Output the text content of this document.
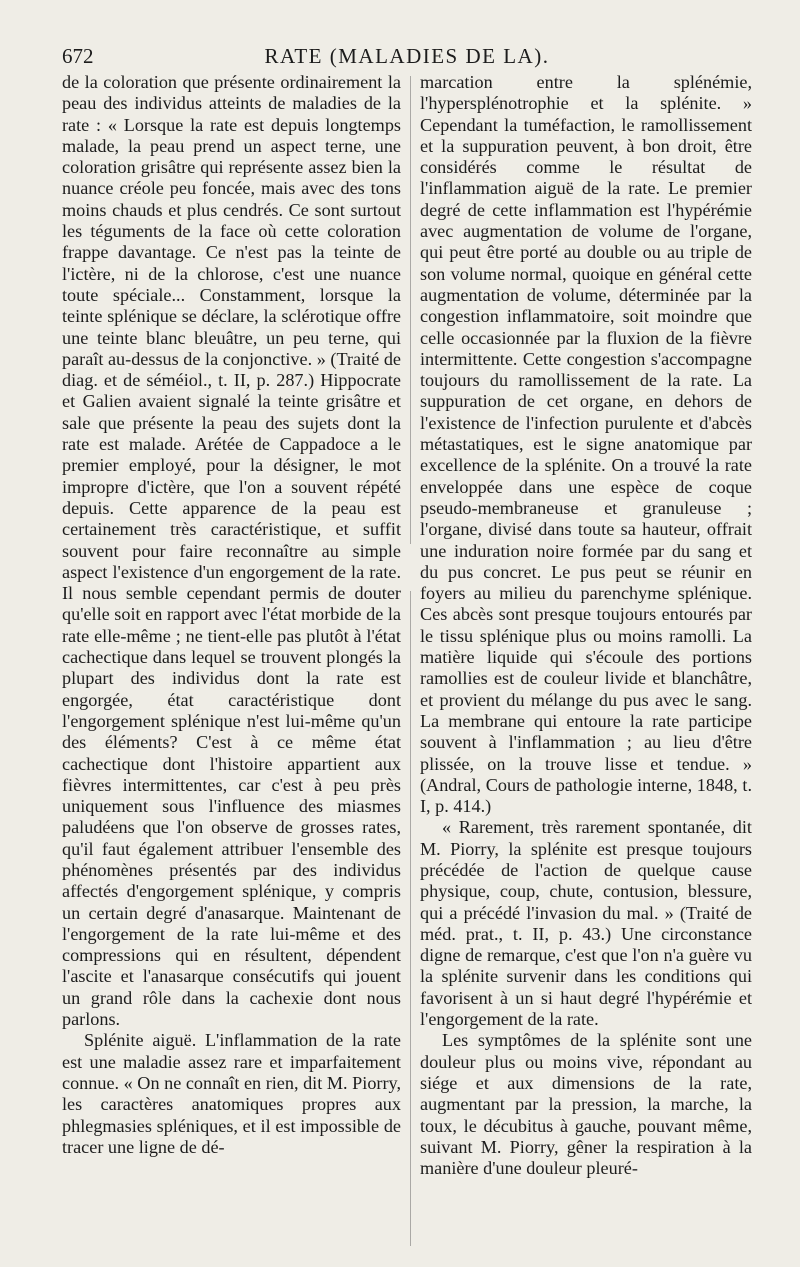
672	RATE (MALADIES DE LA).

de la coloration que présente ordinairement la peau des individus atteints de maladies de la rate : « Lorsque la rate est depuis longtemps malade, la peau prend un aspect terne, une coloration grisâtre qui représente assez bien la nuance créole peu foncée, mais avec des tons moins chauds et plus cendrés. Ce sont surtout les téguments de la face où cette coloration frappe davantage. Ce n'est pas la teinte de l'ictère, ni de la chlorose, c'est une nuance toute spéciale... Constamment, lorsque la teinte splénique se déclare, la sclérotique offre une teinte blanc bleuâtre, un peu terne, qui paraît au-dessus de la conjonctive. » (Traité de diag. et de séméiol., t. II, p. 287.) Hippocrate et Galien avaient signalé la teinte grisâtre et sale que présente la peau des sujets dont la rate est malade. Arétée de Cappadoce a le premier employé, pour la désigner, le mot impropre d'ictère, que l'on a souvent répété depuis. Cette apparence de la peau est certainement très caractéristique, et suffit souvent pour faire reconnaître au simple aspect l'existence d'un engorgement de la rate. Il nous semble cependant permis de douter qu'elle soit en rapport avec l'état morbide de la rate elle-même ; ne tient-elle pas plutôt à l'état cachectique dans lequel se trouvent plongés la plupart des individus dont la rate est engorgée, état caractéristique dont l'engorgement splénique n'est lui-même qu'un des éléments? C'est à ce même état cachectique dont l'histoire appartient aux fièvres intermittentes, car c'est à peu près uniquement sous l'influence des miasmes paludéens que l'on observe de grosses rates, qu'il faut également attribuer l'ensemble des phénomènes présentés par des individus affectés d'engorgement splénique, y compris un certain degré d'anasarque. Maintenant de l'engorgement de la rate lui-même et des compressions qui en résultent, dépendent l'ascite et l'anasarque consécutifs qui jouent un grand rôle dans la cachexie dont nous parlons.

Splénite aiguë. L'inflammation de la rate est une maladie assez rare et imparfaitement connue. « On ne connaît en rien, dit M. Piorry, les caractères anatomiques propres aux phlegmasies spléniques, et il est impossible de tracer une ligne de dé-

marcation entre la splénémie, l'hypersplénotrophie et la splénite. » Cependant la tuméfaction, le ramollissement et la suppuration peuvent, à bon droit, être considérés comme le résultat de l'inflammation aiguë de la rate. Le premier degré de cette inflammation est l'hypérémie avec augmentation de volume de l'organe, qui peut être porté au double ou au triple de son volume normal, quoique en général cette augmentation de volume, déterminée par la congestion inflammatoire, soit moindre que celle occasionnée par la fluxion de la fièvre intermittente. Cette congestion s'accompagne toujours du ramollissement de la rate. La suppuration de cet organe, en dehors de l'existence de l'infection purulente et d'abcès métastatiques, est le signe anatomique par excellence de la splénite. On a trouvé la rate enveloppée dans une espèce de coque pseudo-membraneuse et granuleuse ; l'organe, divisé dans toute sa hauteur, offrait une induration noire formée par du sang et du pus concret. Le pus peut se réunir en foyers au milieu du parenchyme splénique. Ces abcès sont presque toujours entourés par le tissu splénique plus ou moins ramolli. La matière liquide qui s'écoule des portions ramollies est de couleur livide et blanchâtre, et provient du mélange du pus avec le sang. La membrane qui entoure la rate participe souvent à l'inflammation ; au lieu d'être plissée, on la trouve lisse et tendue. » (Andral, Cours de pathologie interne, 1848, t. I, p. 414.)

« Rarement, très rarement spontanée, dit M. Piorry, la splénite est presque toujours précédée de l'action de quelque cause physique, coup, chute, contusion, blessure, qui a précédé l'invasion du mal. » (Traité de méd. prat., t. II, p. 43.) Une circonstance digne de remarque, c'est que l'on n'a guère vu la splénite survenir dans les conditions qui favorisent à un si haut degré l'hypérémie et l'engorgement de la rate.

Les symptômes de la splénite sont une douleur plus ou moins vive, répondant au siége et aux dimensions de la rate, augmentant par la pression, la marche, la toux, le décubitus à gauche, pouvant même, suivant M. Piorry, gêner la respiration à la manière d'une douleur pleuré-
